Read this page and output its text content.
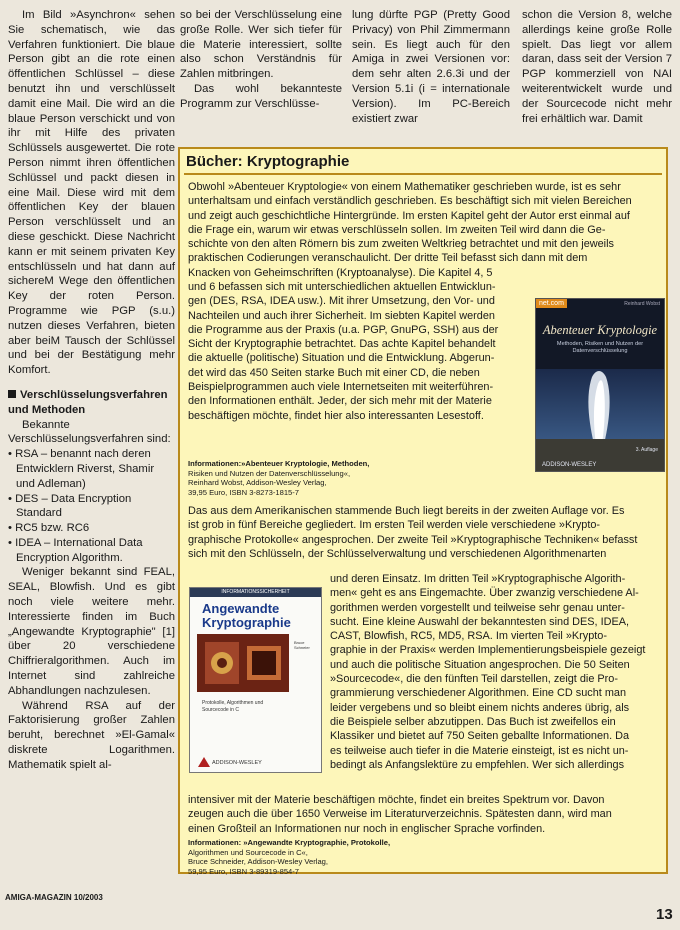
Im Bild »Asynchron« sehen Sie schematisch, wie das Verfahren funktioniert. Die blaue Person gibt an die rote einen öffentlichen Schlüssel – diese benutzt ihn und verschlüsselt damit eine Mail. Die wird an die blaue Person verschickt und von ihr mit Hilfe des privaten Schlüssels ausgewertet. Die rote Person nimmt ihren öffentlichen Schlüssel und packt diesen in eine Mail. Diese wird mit dem öffentlichen Key der blauen Person verschlüsselt und an diese geschickt. Diese Nachricht kann er mit seinem privaten Key entschlüsseln und hat dann auf sichereM Wege den öffentlichen Key der roten Person. Programme wie PGP (s.u.) nutzen dieses Verfahren, bieten aber beiM Tausch der Schlüssel und bei der Bestätigung mehr Komfort.

Verschlüsselungsverfahren und Methoden

Bekannte Verschlüsselungsverfahren sind:

• RSA – benannt nach deren Entwicklern Riverst, Shamir und Adleman)
• DES – Data Encryption Standard
• RC5 bzw. RC6
• IDEA – International Data Encryption Algorithm.

Weniger bekannt sind FEAL, SEAL, Blowfish. Und es gibt noch viele weitere mehr. Interessierte finden im Buch „Angewandte Kryptographie" [1] über 20 verschiedene Chiffrieralgorithmen. Auch im Internet sind zahlreiche Abhandlungen nachzulesen.

Während RSA auf der Faktorisierung großer Zahlen beruht, berechnet »El-Gamal« diskrete Logarithmen. Mathematik spielt al-

so bei der Verschlüsselung eine große Rolle. Wer sich tiefer für die Materie interessiert, sollte also schon Verständnis für Zahlen mitbringen.

Das wohl bekannteste Programm zur Verschlüsse-

lung dürfte PGP (Pretty Good Privacy) von Phil Zimmermann sein. Es liegt auch für den Amiga in zwei Versionen vor: dem sehr alten 2.6.3i und der Version 5.1i (i = internationale Version). Im PC-Bereich existiert zwar

schon die Version 8, welche allerdings keine große Rolle spielt. Das liegt vor allem daran, dass seit der Version 7 PGP kommerziell von NAI weiterentwickelt wurde und der Sourcecode nicht mehr frei erhältlich war. Damit

Bücher: Kryptographie
Obwohl »Abenteuer Kryptologie« von einem Mathematiker geschrieben wurde, ist es sehr
unterhaltsam und einfach verständlich geschrieben. Es beschäftigt sich mit vielen Bereichen
und zeigt auch geschichtliche Hintergründe. Im ersten Kapitel geht der Autor erst einmal auf
die Frage ein, warum wir etwas verschlüsseln sollen. Im zweiten Teil wird dann die Ge-
schichte von den alten Römern bis zum zweiten Weltkrieg betrachtet und mit den jeweils
praktischen Codierungen veranschaulicht. Der dritte Teil befasst sich dann mit dem
Knacken von Geheimschriften (Kryptoanalyse). Die Kapitel 4, 5
und 6 befassen sich mit unterschiedlichen aktuellen Entwicklun-
gen (DES, RSA, IDEA usw.). Mit ihrer Umsetzung, den Vor- und
Nachteilen und auch ihrer Sicherheit. Im siebten Kapitel werden
die Programme aus der Praxis (u.a. PGP, GnuPG, SSH) aus der
Sicht der Kryptographie betrachtet. Das achte Kapitel behandelt
die aktuelle (politische) Situation und die Entwicklung. Abgerun-
det wird das 450 Seiten starke Buch mit einer CD, die neben
Beispielprogrammen auch viele Internetseiten mit weiterführen-
den Informationen enthält. Jeder, der sich mehr mit der Materie
beschäftigen möchte, findet hier also interessanten Lesestoff.
Informationen:»Abenteuer Kryptologie, Methoden,
Risiken und Nutzen der Datenverschlüsselung«,
Reinhard Wobst, Addison-Wesley Verlag,
39,95 Euro, ISBN 3-8273-1815-7
net.com	Reinhard Wobst
Abenteuer Kryptologie
Methoden, Risiken und Nutzen der Datenverschlüsselung
3. Auflage
ADDISON-WESLEY
Das aus dem Amerikanischen stammende Buch liegt bereits in der zweiten Auflage vor. Es
ist grob in fünf Bereiche gegliedert. Im ersten Teil werden viele verschiedene »Krypto-
graphische Protokolle« angesprochen. Der zweite Teil »Kryptographische Techniken« befasst
sich mit den Schlüsseln, der Schlüsselverwaltung und verschiedenen Algorithmenarten
und deren Einsatz. Im dritten Teil »Kryptographische Algorith-
men« geht es ans Eingemachte. Über zwanzig verschiedene Al-
gorithmen werden vorgestellt und teilweise sehr genau unter-
sucht. Eine kleine Auswahl der bekanntesten sind DES, IDEA,
CAST, Blowfish, RC5, MD5, RSA. Im vierten Teil »Krypto-
graphie in der Praxis« werden Implementierungsbeispiele gezeigt
und auch die politische Situation angesprochen. Die 50 Seiten
»Sourcecode«, die den fünften Teil darstellen, zeigt die Pro-
grammierung verschiedener Algorithmen. Eine CD sucht man
leider vergebens und so bleibt einem nichts anderes übrig, als
die Beispiele selber abzutippen. Das Buch ist zweifellos ein
Klassiker und bietet auf 750 Seiten geballte Informationen. Da
es teilweise auch tiefer in die Materie einsteigt, ist es nicht un-
bedingt als Anfangslektüre zu empfehlen. Wer sich allerdings
intensiver mit der Materie beschäftigen möchte, findet ein breites Spektrum vor. Davon
zeugen auch die über 1650 Verweise im Literaturverzeichnis. Spätesten dann, wird man
einen Großteil an Informationen nur noch in englischer Sprache vorfinden.
Informationen: »Angewandte Kryptographie, Protokolle,
Algorithmen und Sourcecode in C«,
Bruce Schneider, Addison-Wesley Verlag,
59,95 Euro, ISBN 3-89319-854-7
INFORMATIONSSICHERHEIT
Angewandte
Kryptographie
Bruce Schneier
Protokolle, Algorithmen und
Sourcecode in C
ADDISON-WESLEY
AMIGA-MAGAZIN 10/2003
13
